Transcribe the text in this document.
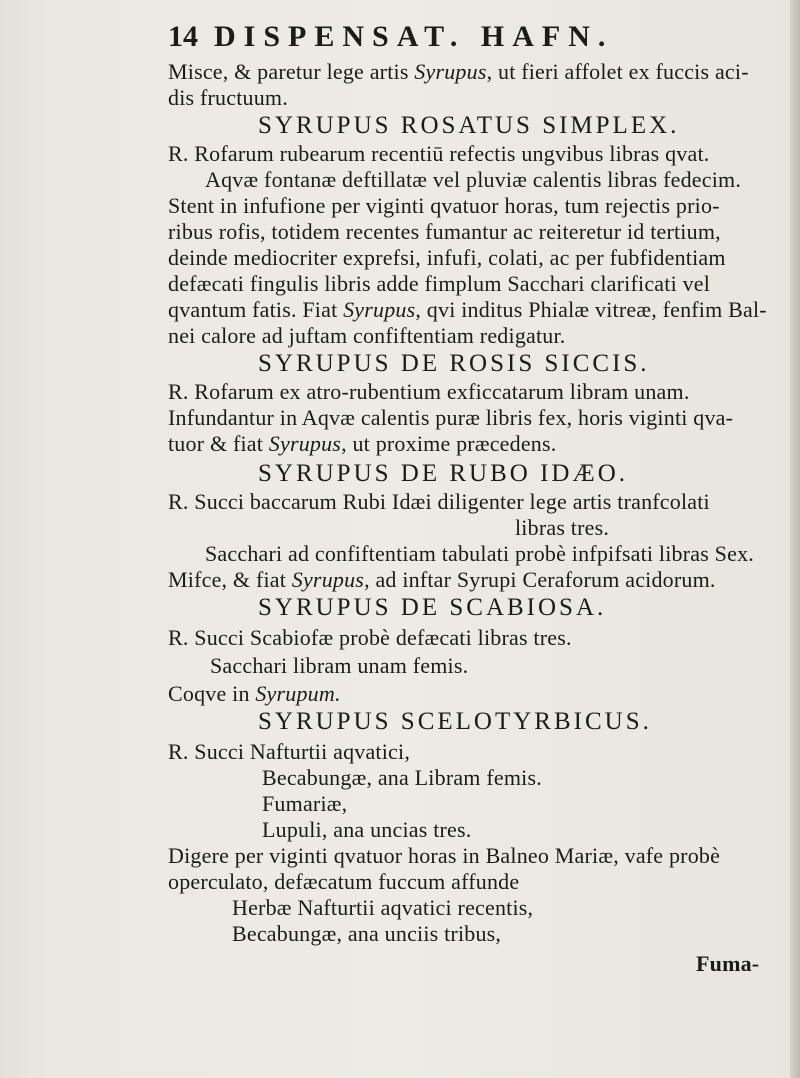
14 DISPENSAT. HAFN.
Misce, & paretur lege artis Syrupus, ut fieri affolet ex fuccis aci-
dis fructuum.
SYRUPUS ROSATUS SIMPLEX.
R. Rofarum rubearum recentiū refectis ungvibus libras qvat.
Aqvæ fontanæ deftillatæ vel pluviæ calentis libras fedecim.
Stent in infufione per viginti qvatuor horas, tum rejectis prio-
ribus rofis, totidem recentes fumantur ac reiteretur id tertium,
deinde mediocriter exprefsi, infufi, colati, ac per fubfidentiam
defæcati fingulis libris adde fimplum Sacchari clarificati vel
qvantum fatis. Fiat Syrupus, qvi inditus Phialæ vitreæ, fenfim Bal-
nei calore ad juftam confiftentiam redigatur.
SYRUPUS DE ROSIS SICCIS.
R. Rofarum ex atro-rubentium exficcatarum libram unam.
Infundantur in Aqvæ calentis puræ libris fex, horis viginti qva-
tuor & fiat Syrupus, ut proxime præcedens.
SYRUPUS DE RUBO IDÆO.
R. Succi baccarum Rubi Idæi diligenter lege artis tranfcolati
libras tres.
Sacchari ad confiftentiam tabulati probè infpifsati libras Sex.
Mifce, & fiat Syrupus, ad inftar Syrupi Ceraforum acidorum.
SYRUPUS DE SCABIOSA.
R. Succi Scabiofæ probè defæcati libras tres.
Sacchari libram unam femis.
Coqve in Syrupum.
SYRUPUS SCELOTYRBICUS.
R. Succi Nafturtii aqvatici,
Becabungæ, ana Libram femis.
Fumariæ,
Lupuli, ana uncias tres.
Digere per viginti qvatuor horas in Balneo Mariæ, vafe probè
operculato, defæcatum fuccum affunde
Herbæ Nafturtii aqvatici recentis,
Becabungæ, ana unciis tribus,
Fuma-
